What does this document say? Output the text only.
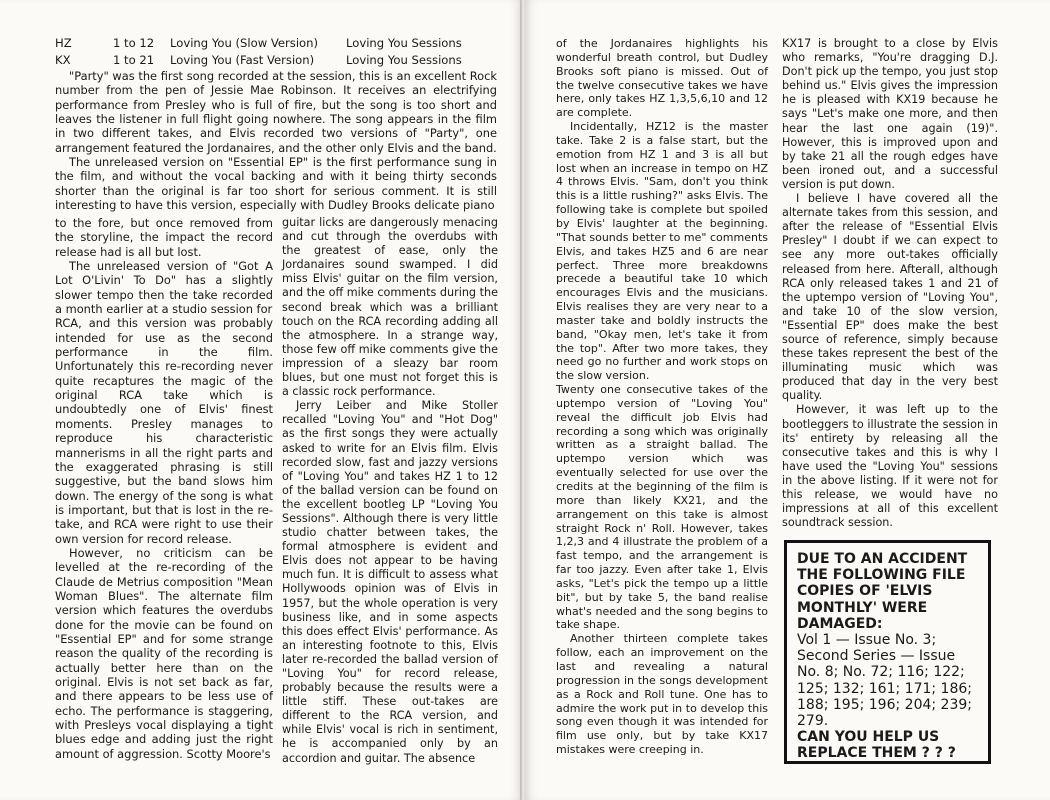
HZ	1 to 12	Loving You (Slow Version)	Loving You Sessions
KX	1 to 21	Loving You (Fast Version)	Loving You Sessions

"Party" was the first song recorded at the session, this is an excellent Rock number from the pen of Jessie Mae Robinson. It receives an electrifying performance from Presley who is full of fire, but the song is too short and leaves the listener in full flight going nowhere. The song appears in the film in two different takes, and Elvis recorded two versions of "Party", one arrangement featured the Jordanaires, and the other only Elvis and the band.

The unreleased version on "Essential EP" is the first performance sung in the film, and without the vocal backing and with it being thirty seconds shorter than the original is far too short for serious comment. It is still interesting to have this version, especially with Dudley Brooks delicate piano

to the fore, but once removed from the storyline, the impact the record release had is all but lost.

The unreleased version of "Got A Lot O'Livin' To Do" has a slightly slower tempo then the take recorded a month earlier at a studio session for

RCA, and this version was probably intended for use as the second performance in the film. Unfortunately this re-recording never quite recaptures the magic of the original RCA take which is undoubtedly one of Elvis' finest moments. Presley manages to reproduce his characteristic mannerisms in all the right parts and the exaggerated phrasing is still suggestive, but the band slows him down. The energy of the song is what is important, but that is lost in the re-take, and RCA were right to use their own version for record release.

However, no criticism can be levelled at the re-recording of the Claude de Metrius composition "Mean Woman Blues". The alternate film version which features the overdubs done for the movie can be found on "Essential EP" and for some strange reason the quality of the recording is actually better here than on the original. Elvis is not set back as far, and there appears to be less use of echo. The performance is staggering, with Presleys vocal displaying a tight blues edge and adding just the right amount of aggression. Scotty Moore's

guitar licks are dangerously menacing and cut through the overdubs with the greatest of ease, only the Jordanaires sound swamped. I did miss Elvis' guitar on the film version, and the off mike comments during the second break which was a brilliant touch on the RCA recording adding all the atmosphere. In a strange way, those few off mike comments give the impression of a sleazy bar room blues, but one must not forget this is a classic rock performance.

Jerry Leiber and Mike Stoller recalled "Loving You" and "Hot Dog" as the first songs they were actually asked to write for an Elvis film. Elvis recorded slow, fast and jazzy versions of "Loving You" and takes HZ 1 to 12 of the ballad version can be found on the excellent bootleg LP "Loving You Sessions". Although there is very little studio chatter between takes, the formal atmosphere is evident and Elvis does not appear to be having much fun. It is difficult to assess what Hollywoods opinion was of Elvis in 1957, but the whole operation is very business like, and in some aspects this does effect Elvis' performance. As an interesting footnote to this, Elvis later re-recorded the ballad version of "Loving You" for record release, probably because the results were a little stiff. These out-takes are different to the RCA version, and while Elvis' vocal is rich in sentiment, he is accompanied only by an accordion and guitar. The absence

of the Jordanaires highlights his wonderful breath control, but Dudley Brooks soft piano is missed. Out of the twelve consecutive takes we have here, only takes HZ 1,3,5,6,10 and 12 are complete.

Incidentally, HZ12 is the master take. Take 2 is a false start, but the emotion from HZ 1 and 3 is all but lost when an increase in tempo on HZ 4 throws Elvis. "Sam, don't you think this is a little rushing?" asks Elvis. The following take is complete but spoiled by Elvis' laughter at the beginning. "That sounds better to me" comments Elvis, and takes HZ5 and 6 are near perfect. Three more breakdowns precede a beautiful take 10 which encourages Elvis and the musicians. Elvis realises they are very near to a master take and boldly instructs the band, "Okay men, let's take it from the top". After two more takes, they need go no further and work stops on the slow version.

Twenty one consecutive takes of the uptempo version of "Loving You" reveal the difficult job Elvis had recording a song which was originally written as a straight ballad. The uptempo version which was eventually selected for use over the credits at the beginning of the film is more than likely KX21, and the arrangement on this take is almost straight Rock n' Roll. However, takes 1,2,3 and 4 illustrate the problem of a fast tempo, and the arrangement is far too jazzy. Even after take 1, Elvis asks, "Let's pick the tempo up a little bit", but by take 5, the band realise what's needed and the song begins to take shape.

Another thirteen complete takes follow, each an improvement on the last and revealing a natural progression in the songs development as a Rock and Roll tune. One has to admire the work put in to develop this song even though it was intended for film use only, but by take KX17 mistakes were creeping in.

KX17 is brought to a close by Elvis who remarks, "You're dragging D.J. Don't pick up the tempo, you just stop behind us." Elvis gives the impression he is pleased with KX19 because he says "Let's make one more, and then hear the last one again (19)". However, this is improved upon and by take 21 all the rough edges have been ironed out, and a successful version is put down.

I believe I have covered all the alternate takes from this session, and after the release of "Essential Elvis Presley" I doubt if we can expect to see any more out-takes officially released from here. Afterall, although RCA only released takes 1 and 21 of the uptempo version of "Loving You", and take 10 of the slow version, "Essential EP" does make the best source of reference, simply because these takes represent the best of the illuminating music which was produced that day in the very best quality.

However, it was left up to the bootleggers to illustrate the session in its' entirety by releasing all the consecutive takes and this is why I have used the "Loving You" sessions in the above listing. If it were not for this release, we would have no impressions at all of this excellent soundtrack session.

DUE TO AN ACCIDENT THE FOLLOWING FILE COPIES OF 'ELVIS MONTHLY' WERE DAMAGED:
Vol 1 — Issue No. 3; Second Series — Issue No. 8; No. 72; 116; 122; 125; 132; 161; 171; 186; 188; 195; 196; 204; 239; 279.
CAN YOU HELP US REPLACE THEM ? ? ?
